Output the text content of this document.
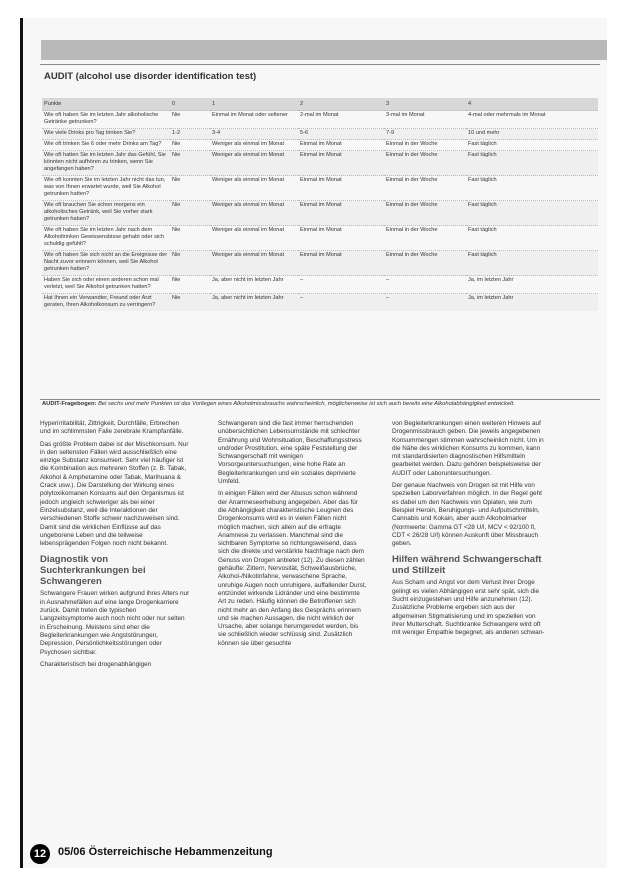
AUDIT (alcohol use disorder identification test)
Punkte	0	1	2	3	4
Wie oft haben Sie im letzten Jahr alkoholische Getränke getrunken?	Nie	Einmal im Monat oder seltener	2-mal im Monat	3-mal im Monat	4-mal oder mehrmals im Monat
Wie viele Drinks pro Tag trinken Sie?	1-2	3-4	5-6	7-9	10 und mehr
Wie oft trinken Sie 6 oder mehr Drinks am Tag?	Nie	Weniger als einmal im Monat	Einmal im Monat	Einmal in der Woche	Fast täglich
Wie oft hatten Sie im letzten Jahr das Gefühl, Sie könnten nicht aufhören zu trinken, wenn Sie angefangen haben?	Nie	Weniger als einmal im Monat	Einmal im Monat	Einmal in der Woche	Fast täglich
Wie oft konnten Sie im letzten Jahr nicht das tun, was von Ihnen erwartet wurde, weil Sie Alkohol getrunken hatten?	Nie	Weniger als einmal im Monat	Einmal im Monat	Einmal in der Woche	Fast täglich
Wie oft brauchen Sie schon morgens ein alkoholisches Getränk, weil Sie vorher stark getrunken haben?	Nie	Weniger als einmal im Monat	Einmal im Monat	Einmal in der Woche	Fast täglich
Wie oft haben Sie im letzten Jahr nach dem Alkoholtrinken Gewissensbisse gehabt oder sich schuldig gefühlt?	Nie	Weniger als einmal im Monat	Einmal im Monat	Einmal in der Woche	Fast täglich
Wie oft haben Sie sich nicht an die Ereignisse der Nacht zuvor erinnern können, weil Sie Alkohol getrunken hatten?	Nie	Weniger als einmal im Monat	Einmal im Monat	Einmal in der Woche	Fast täglich
Haben Sie sich oder einen anderen schon mal verletzt, weil Sie Alkohol getrunken hatten?	Nie	Ja, aber nicht im letzten Jahr	–	–	Ja, im letzten Jahr
Hat Ihnen ein Verwandter, Freund oder Arzt geraten, Ihren Alkoholkonsum zu verringern?	Nie	Ja, aber nicht im letzten Jahr	–	–	Ja, im letzten Jahr
AUDIT-Fragebogen: Bei sechs und mehr Punkten ist das Vorliegen eines Alkoholmissbrauchs wahrscheinlich, möglicherweise ist sich auch bereits eine Alkoholabhängigkeit entwickelt.

Hyperirritabilität, Zittrigkeit, Durchfälle, Erbrechen und im schlimmsten Falle zerebrale Krampfanfälle.

Das größte Problem dabei ist der Mischkonsum. Nur in den seltensten Fällen wird ausschließlich eine einzige Substanz konsumiert. Sehr viel häufiger ist die Kombination aus mehreren Stoffen (z. B. Tabak, Alkohol & Amphetamine oder Tabak, Marihuana & Crack usw.). Die Darstellung der Wirkung eines polytoxikomanen Konsums auf den Organismus ist jedoch ungleich schwieriger als bei einer Einzelsubstanz, weil die Interaktionen der verschiedenen Stoffe schwer nachzuweisen sind. Damit sind die wirklichen Einflüsse auf das ungeborene Leben und die teilweise lebensprägenden Folgen noch nicht bekannt.

Diagnostik von Suchterkrankungen bei Schwangeren

Schwangere Frauen wirken aufgrund ihres Alters nur in Ausnahmefällen auf eine lange Drogenkarriere zurück. Damit treten die typischen Langzeitsymptome auch noch nicht oder nur selten in Erscheinung. Meistens sind eher die Begleiterkrankungen wie Angststörungen, Depression, Persönlichkeitsstörungen oder Psychosen sichtbar.

Charakteristisch bei drogenabhängigen

Schwangeren sind die fast immer herrschenden unübersichtlichen Lebensumstände mit schlechter Ernährung und Wohnsituation, Beschaffungsstress und/oder Prostitution, eine späte Feststellung der Schwangerschaft mit wenigen Vorsorgeuntersuchungen, eine hohe Rate an Begleiterkrankungen und ein soziales deprivierte Umfeld.

In einigen Fällen wird der Abusus schon während der Anamneseerhebung angegeben. Aber das für die Abhängigkeit charakteristische Leugnen des Drogenkonsums wird es in vielen Fällen nicht möglich machen, sich allein auf die erfragte Anamnese zu verlassen. Manchmal sind die sichtbaren Symptome so richtungsweisend, dass sich die direkte und verstärkte Nachfrage nach dem Genuss von Drogen anbietet (12). Zu diesen zählen gehäufte: Zittern, Nervosität, Schweißausbrüche, Alkohol-/Nikotinfahne, verwaschene Sprache, unruhige Augen noch unruhigere, auffallender Durst, entzündet wirkende Lidränder und eine bestimmte Art zu reden. Häufig können die Betroffenen sich nicht mehr an den Anfang des Gesprächs erinnern und sie machen Aussagen, die nicht wirklich der Ursache, aber solange herumgeredet werden, bis sie schließlich wieder schlüssig sind. Zusätzlich können sie über gesuchte

von Begleiterkrankungen einen weiteren Hinweis auf Drogenmissbrauch geben. Die jeweils angegebenen Konsummengen stimmen wahrscheinlich nicht. Um in die Nähe des wirklichen Konsums zu kommen, kann mit standardisierten diagnostischen Hilfsmitteln gearbeitet werden. Dazu gehören beispielsweise der AUDIT oder Laboruntersuchungen.

Der genaue Nachweis von Drogen ist mit Hilfe von speziellen Laborverfahren möglich. In der Regel geht es dabei um den Nachweis von Opiaten, wie zum Beispiel Heroin, Beruhigungs- und Aufputschmitteln, Cannabis und Kokain, aber auch Alkoholmarker (Normwerte: Gamma GT <28 U/l, MCV < 92/100 fl, CDT < 26/28 U/l) können Auskunft über Missbrauch geben.

Hilfen während Schwangerschaft und Stillzeit

Aus Scham und Angst vor dem Verlust ihrer Droge gelingt es vielen Abhängigen erst sehr spät, sich die Sucht einzugestehen und Hilfe anzunehmen (12). Zusätzliche Probleme ergeben sich aus der allgemeinen Stigmatisierung und im speziellen von ihrer Mutterschaft. Suchtkranke Schwangere wird oft mit weniger Empathie begegnet, als anderen schwan-

12	05/06 Österreichische Hebammenzeitung
